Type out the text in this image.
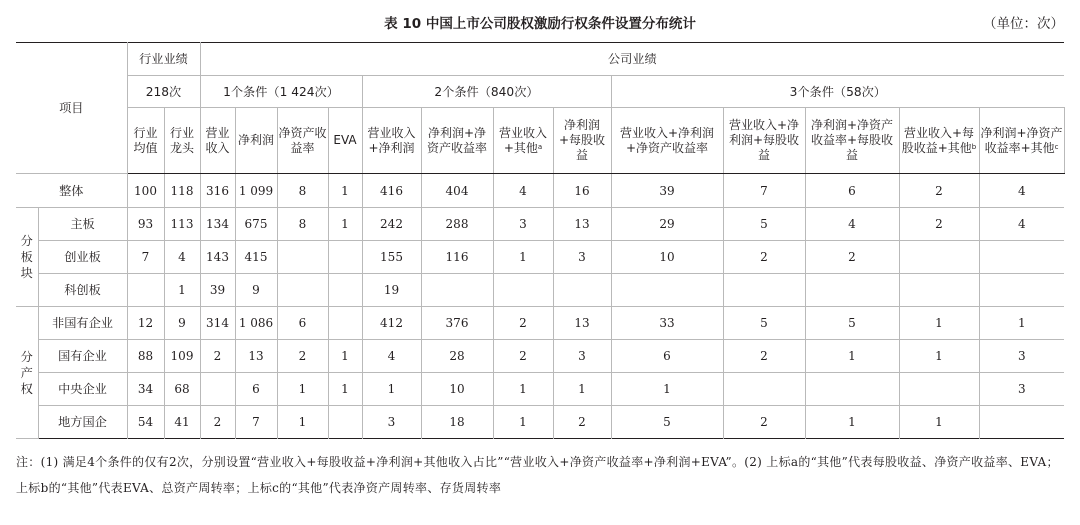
表 10 中国上市公司股权激励行权条件设置分布统计	（单位：次）
项目		行业业绩		公司业绩												
		218次		1个条件（1 424次）				2个条件（840次）				3个条件（58次）				
		行业均值	行业龙头	营业收入	净利润	净资产收益率	EVA	营业收入+净利润	净利润+净资产收益率	营业收入+其他$^a$	净利润+每股收益	营业收入+净利润+净资产收益率	营业收入+净利润+每股收益	净利润+净资产收益率+每股收益	营业收入+每股收益+其他$^b$	净利润+净资产收益率+其他$^c$
整体		100	118	316	1 099	8	1	416	404	4	16	39	7	6	2	4
分板块	主板	93	113	134	675	8	1	242	288	3	13	29	5	4	2	4
	创业板	7	4	143	415			155	116	1	3	10	2	2		
	科创板		1	39	9			19								
分产权	非国有企业	12	9	314	1 086	6		412	376	2	13	33	5	5	1	1
	国有企业	88	109	2	13	2	1	4	28	2	3	6	2	1	1	3
	中央企业	34	68		6	1	1	1	10	1	1	1				3
	地方国企	54	41	2	7	1		3	18	1	2	5	2	1	1	
注：(1) 满足4个条件的仅有2次，分别设置“营业收入+每股收益+净利润+其他收入占比”“营业收入+净资产收益率+净利润+EVA”。(2) 上标a的“其他”代表每股收益、净资产收益率、EVA；上标b的“其他”代表EVA、总资产周转率；上标c的“其他”代表净资产周转率、存货周转率
